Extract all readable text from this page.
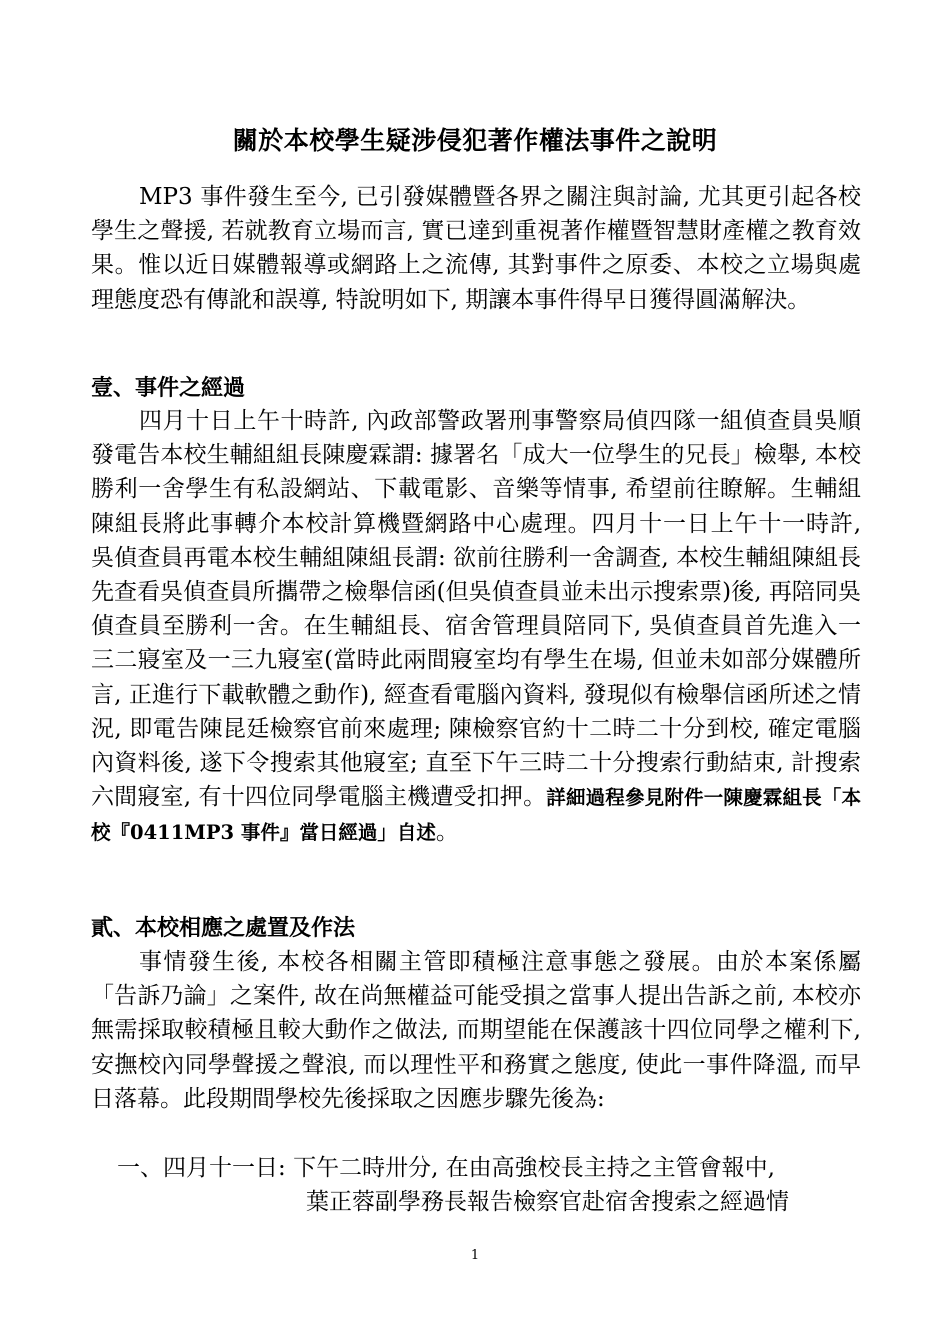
關於本校學生疑涉侵犯著作權法事件之說明

MP3 事件發生至今, 已引發媒體暨各界之關注與討論, 尤其更引起各校學生之聲援, 若就教育立場而言, 實已達到重視著作權暨智慧財產權之教育效果。惟以近日媒體報導或網路上之流傳, 其對事件之原委、本校之立場與處理態度恐有傳訛和誤導, 特說明如下, 期讓本事件得早日獲得圓滿解決。

壹、事件之經過

四月十日上午十時許, 內政部警政署刑事警察局偵四隊一組偵查員吳順發電告本校生輔組組長陳慶霖謂: 據署名「成大一位學生的兄長」檢舉, 本校勝利一舍學生有私設網站、下載電影、音樂等情事, 希望前往瞭解。生輔組陳組長將此事轉介本校計算機暨網路中心處理。四月十一日上午十一時許, 吳偵查員再電本校生輔組陳組長謂: 欲前往勝利一舍調查, 本校生輔組陳組長先查看吳偵查員所攜帶之檢舉信函(但吳偵查員並未出示搜索票)後, 再陪同吳偵查員至勝利一舍。在生輔組長、宿舍管理員陪同下, 吳偵查員首先進入一三二寢室及一三九寢室(當時此兩間寢室均有學生在場, 但並未如部分媒體所言, 正進行下載軟體之動作), 經查看電腦內資料, 發現似有檢舉信函所述之情況, 即電告陳昆廷檢察官前來處理; 陳檢察官約十二時二十分到校, 確定電腦內資料後, 遂下令搜索其他寢室; 直至下午三時二十分搜索行動結束, 計搜索六間寢室, 有十四位同學電腦主機遭受扣押。詳細過程參見附件一陳慶霖組長「本校『0411MP3 事件』當日經過」自述。

貳、本校相應之處置及作法

事情發生後, 本校各相關主管即積極注意事態之發展。由於本案係屬「告訴乃論」之案件, 故在尚無權益可能受損之當事人提出告訴之前, 本校亦無需採取較積極且較大動作之做法, 而期望能在保護該十四位同學之權利下, 安撫校內同學聲援之聲浪, 而以理性平和務實之態度, 使此一事件降溫, 而早日落幕。此段期間學校先後採取之因應步驟先後為:

一、四月十一日: 下午二時卅分, 在由高強校長主持之主管會報中,

葉正蓉副學務長報告檢察官赴宿舍搜索之經過情

1
